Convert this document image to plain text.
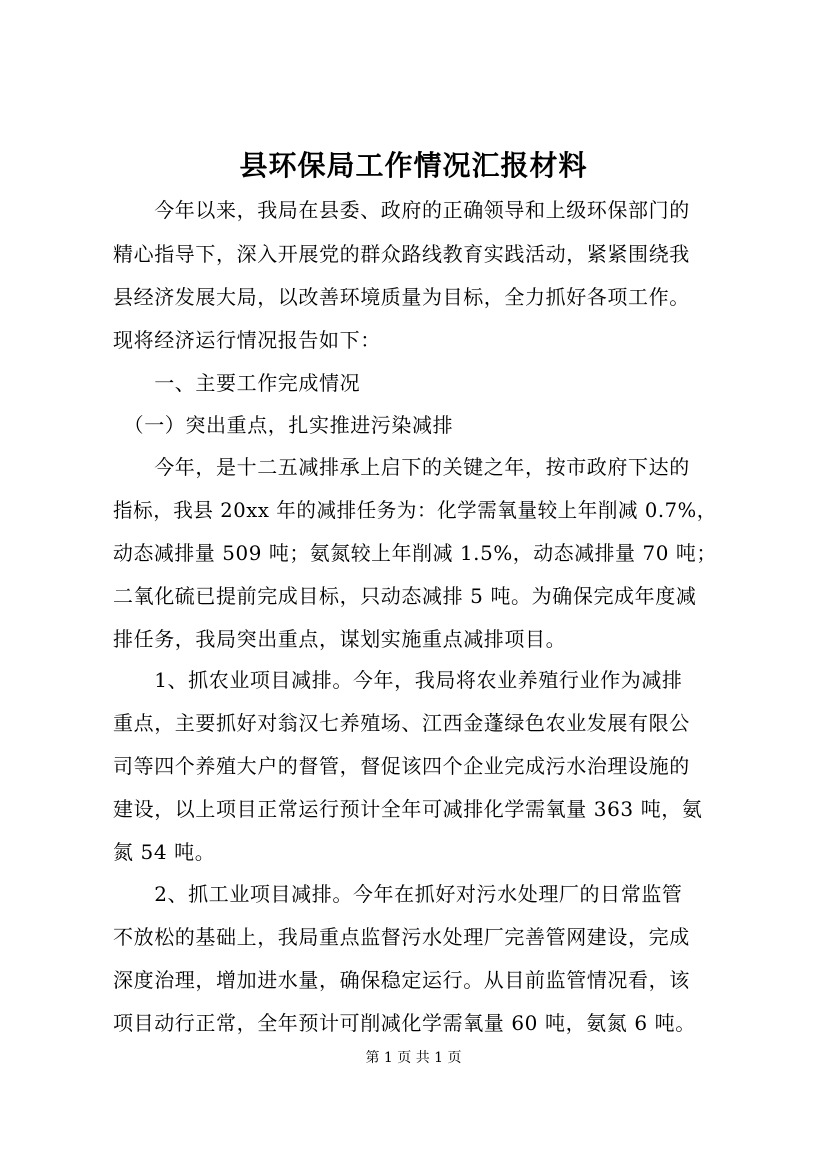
县环保局工作情况汇报材料
　　今年以来，我局在县委、政府的正确领导和上级环保部门的
精心指导下，深入开展党的群众路线教育实践活动，紧紧围绕我
县经济发展大局，以改善环境质量为目标，全力抓好各项工作。
现将经济运行情况报告如下：
　　一、主要工作完成情况
　（一）突出重点，扎实推进污染减排
　　今年，是十二五减排承上启下的关键之年，按市政府下达的
指标，我县 20xx 年的减排任务为：化学需氧量较上年削减 0.7%，
动态减排量 509 吨；氨氮较上年削减 1.5%，动态减排量 70 吨；
二氧化硫已提前完成目标，只动态减排 5 吨。为确保完成年度减
排任务，我局突出重点，谋划实施重点减排项目。
　　1、抓农业项目减排。今年，我局将农业养殖行业作为减排
重点，主要抓好对翁汉七养殖场、江西金蓬绿色农业发展有限公
司等四个养殖大户的督管，督促该四个企业完成污水治理设施的
建设，以上项目正常运行预计全年可减排化学需氧量 363 吨，氨
氮 54 吨。
　　2、抓工业项目减排。今年在抓好对污水处理厂的日常监管
不放松的基础上，我局重点监督污水处理厂完善管网建设，完成
深度治理，增加进水量，确保稳定运行。从目前监管情况看，该
项目动行正常，全年预计可削减化学需氧量 60 吨，氨氮 6 吨。
第 1 页 共 1 页
